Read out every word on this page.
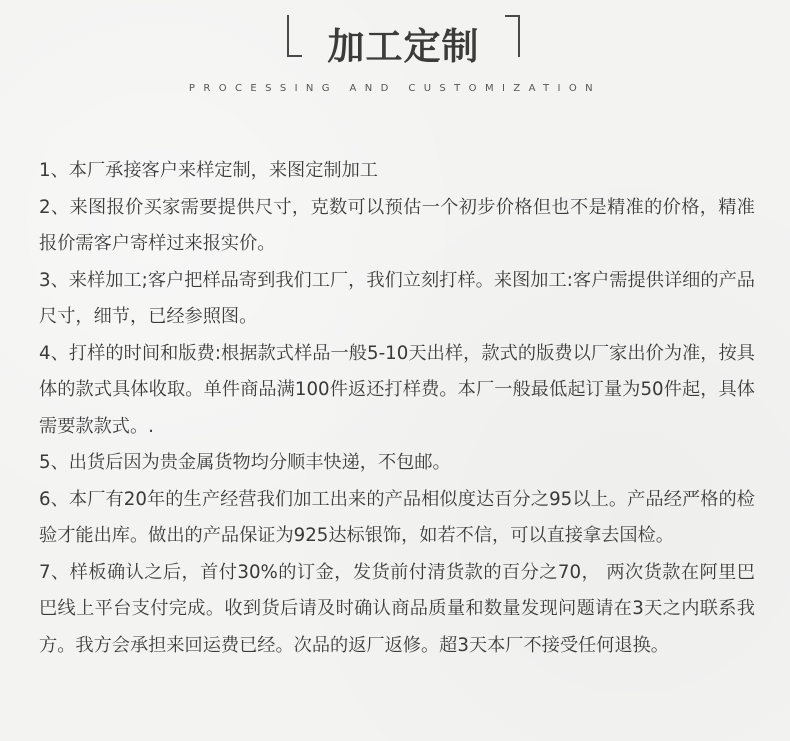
加工定制
PROCESSING AND CUSTOMIZATION

1、本厂承接客户来样定制，来图定制加工

2、来图报价买家需要提供尺寸，克数可以预估一个初步价格但也不是精准的价格，精准报价需客户寄样过来报实价。

3、来样加工;客户把样品寄到我们工厂，我们立刻打样。来图加工:客户需提供详细的产品尺寸，细节，已经参照图。

4、打样的时间和版费:根据款式样品一般5-10天出样，款式的版费以厂家出价为准，按具体的款式具体收取。单件商品满100件返还打样费。本厂一般最低起订量为50件起，具体需要款款式。.

5、出货后因为贵金属货物均分顺丰快递，不包邮。

6、本厂有20年的生产经营我们加工出来的产品相似度达百分之95以上。产品经严格的检验才能出库。做出的产品保证为925达标银饰，如若不信，可以直接拿去国检。

7、样板确认之后，首付30%的订金，发货前付清货款的百分之70， 两次货款在阿里巴巴线上平台支付完成。收到货后请及时确认商品质量和数量发现问题请在3天之内联系我方。我方会承担来回运费已经。次品的返厂返修。超3天本厂不接受任何退换。
